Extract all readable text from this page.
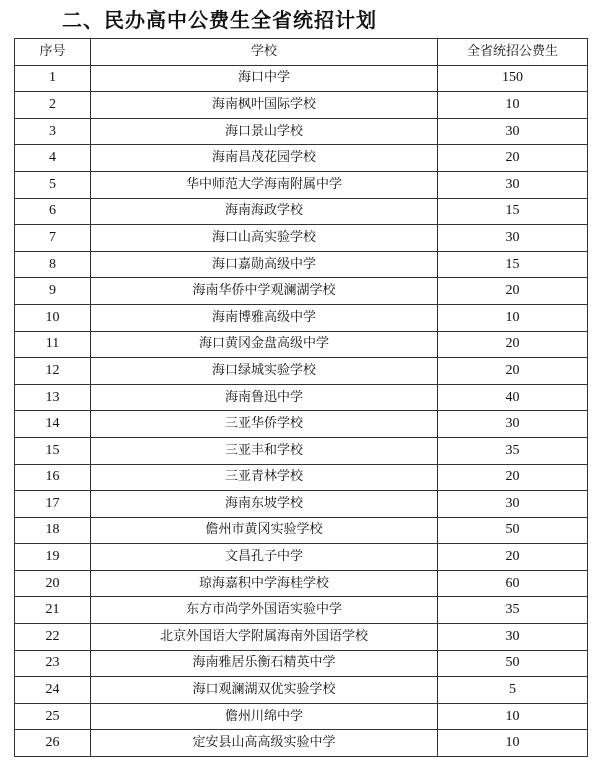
二、民办高中公费生全省统招计划
序号	学校	全省统招公费生
1	海口中学	150
2	海南枫叶国际学校	10
3	海口景山学校	30
4	海南昌茂花园学校	20
5	华中师范大学海南附属中学	30
6	海南海政学校	15
7	海口山高实验学校	30
8	海口嘉勋高级中学	15
9	海南华侨中学观澜湖学校	20
10	海南博雅高级中学	10
11	海口黄冈金盘高级中学	20
12	海口绿城实验学校	20
13	海南鲁迅中学	40
14	三亚华侨学校	30
15	三亚丰和学校	35
16	三亚青林学校	20
17	海南东坡学校	30
18	儋州市黄冈实验学校	50
19	文昌孔子中学	20
20	琼海嘉积中学海桂学校	60
21	东方市尚学外国语实验中学	35
22	北京外国语大学附属海南外国语学校	30
23	海南雅居乐衡石精英中学	50
24	海口观澜湖双优实验学校	5
25	儋州川绵中学	10
26	定安县山高高级实验中学	10
